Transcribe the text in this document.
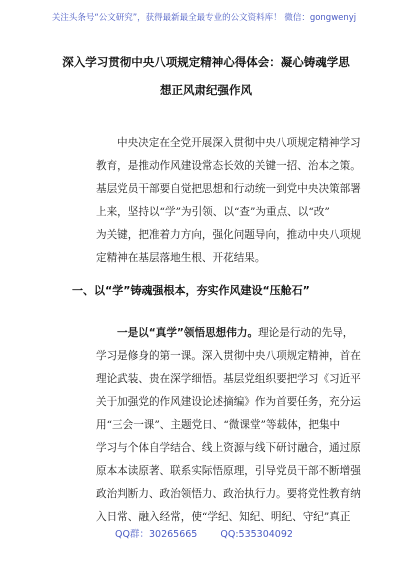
关注头条号“公文研究”，获得最新最全最专业的公文资料库！ 微信：gongwenyj
深入学习贯彻中央八项规定精神心得体会：凝心铸魂学思
想正风肃纪强作风

中央决定在全党开展深入贯彻中央八项规定精神学习
教育，是推动作风建设常态长效的关键一招、治本之策。
基层党员干部要自觉把思想和行动统一到党中央决策部署
上来，坚持以“学”为引领、以“查”为重点、以“改”
为关键，把准着力方向，强化问题导向，推动中央八项规
定精神在基层落地生根、开花结果。

一、以“学”铸魂强根本，夯实作风建设“压舱石”

一是以“真学”领悟思想伟力。理论是行动的先导，
学习是修身的第一课。深入贯彻中央八项规定精神，首在
理论武装、贵在深学细悟。基层党组织要把学习《习近平
关于加强党的作风建设论述摘编》作为首要任务，充分运
用“三会一课”、主题党日、“微课堂”等载体，把集中
学习与个体自学结合、线上资源与线下研讨融合，通过原
原本本读原著、联系实际悟原理，引导党员干部不断增强
政治判断力、政治领悟力、政治执行力。要将党性教育纳
入日常、融入经常，使“学纪、知纪、明纪、守纪”真正

QQ群：30265665 QQ:535304092
